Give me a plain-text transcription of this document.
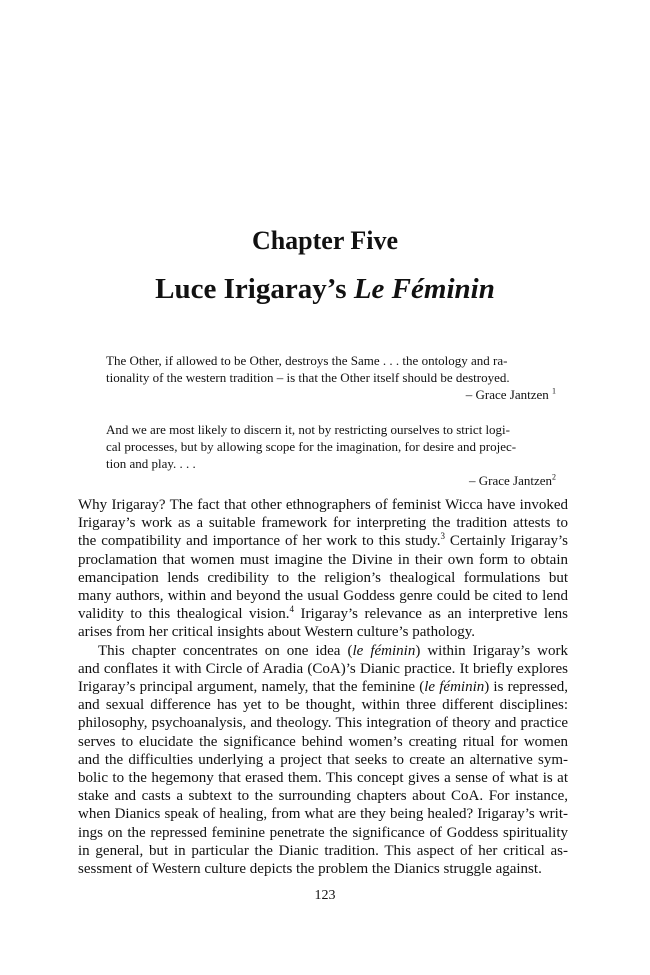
Chapter Five
Luce Irigaray’s Le Féminin
The Other, if allowed to be Other, destroys the Same . . . the ontology and ra-
tionality of the western tradition – is that the Other itself should be destroyed.
– Grace Jantzen $^1$
And we are most likely to discern it, not by restricting ourselves to strict logi-
cal processes, but by allowing scope for the imagination, for desire and projec-
tion and play. . . .
– Grace Jantzen$^2$
Why Irigaray? The fact that other ethnographers of feminist Wicca have invoked
Irigaray’s work as a suitable framework for interpreting the tradition attests to
the compatibility and importance of her work to this study.$^3$ Certainly Irigaray’s
proclamation that women must imagine the Divine in their own form to obtain
emancipation lends credibility to the religion’s thealogical formulations but
many authors, within and beyond the usual Goddess genre could be cited to lend
validity to this thealogical vision.$^4$ Irigaray’s relevance as an interpretive lens
arises from her critical insights about Western culture’s pathology.
This chapter concentrates on one idea (le féminin) within Irigaray’s work
and conflates it with Circle of Aradia (CoA)’s Dianic practice. It briefly explores
Irigaray’s principal argument, namely, that the feminine (le féminin) is repressed,
and sexual difference has yet to be thought, within three different disciplines:
philosophy, psychoanalysis, and theology. This integration of theory and practice
serves to elucidate the significance behind women’s creating ritual for women
and the difficulties underlying a project that seeks to create an alternative sym-
bolic to the hegemony that erased them. This concept gives a sense of what is at
stake and casts a subtext to the surrounding chapters about CoA. For instance,
when Dianics speak of healing, from what are they being healed? Irigaray’s writ-
ings on the repressed feminine penetrate the significance of Goddess spirituality
in general, but in particular the Dianic tradition. This aspect of her critical as-
sessment of Western culture depicts the problem the Dianics struggle against.
123
